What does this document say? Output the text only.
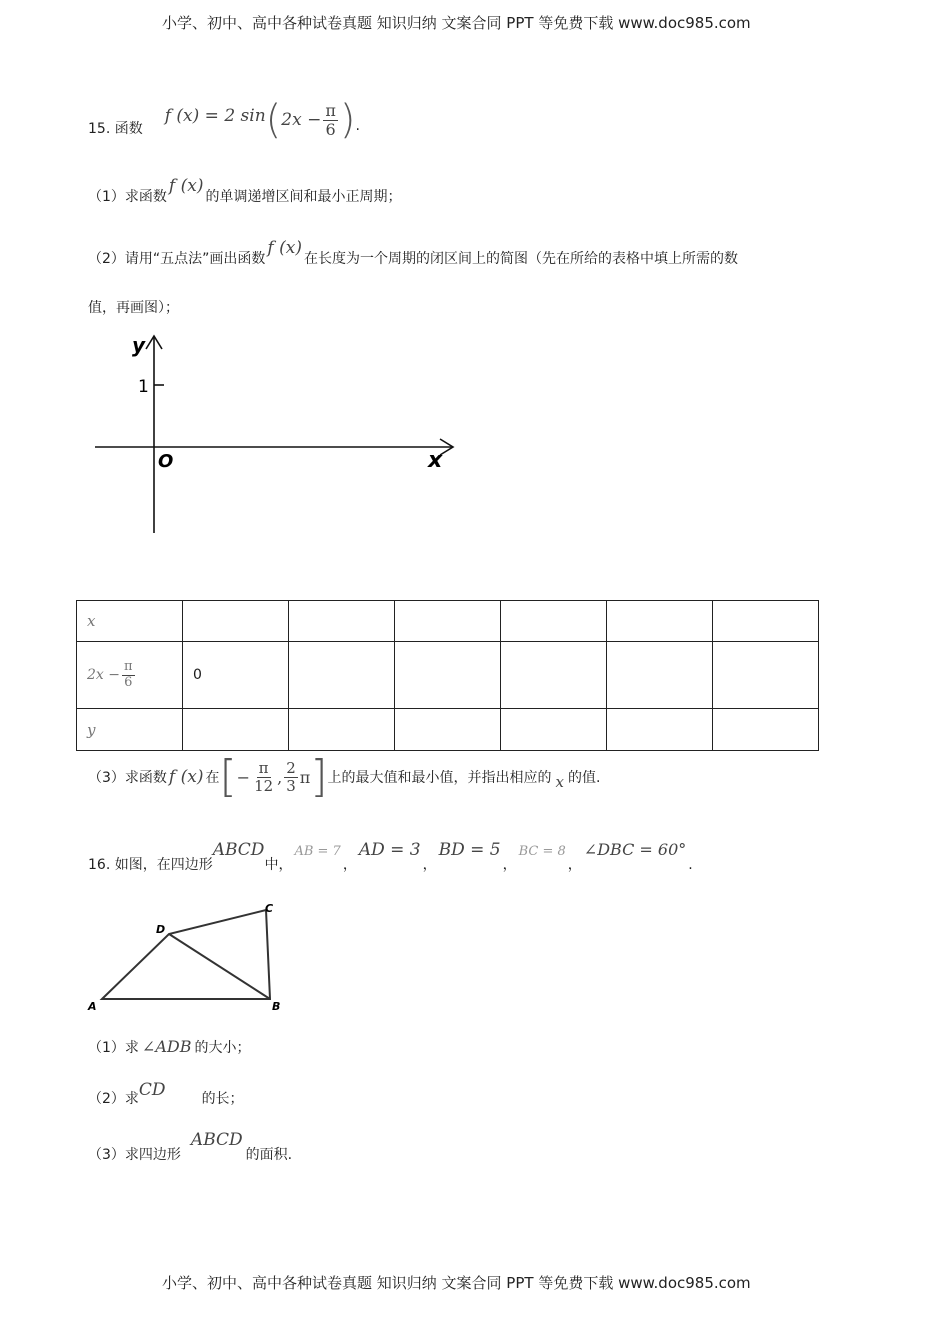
小学、初中、高中各种试卷真题 知识归纳 文案合同 PPT 等免费下载 www.doc985.com
15. 函数
f (x) = 2 sin ( $2x - \frac{\pi}{6}$ ) .
（1）求函数f (x)的单调递增区间和最小正周期；
（2）请用“五点法”画出函数f (x)在长度为一个周期的闭区间上的简图（先在所给的表格中填上所需的数
值，再画图）；
y
1
O	x
x						
$2x - \frac{\pi}{6}$	0					
y						
（3）求函数 f (x) 在 [ − $\frac{\pi}{12}$ , $\frac{2}{3}$ π ] 上的最大值和最小值，并指出相应的 x 的值.
16. 如图，在四边形ABCD中，AB = 7，AD = 3，BD = 5，BC = 8，∠DBC = 60°.
A	B
C
D
（1）求 ∠ADB 的大小；
（2）求CD	的长；
（3）求四边形ABCD的面积.
小学、初中、高中各种试卷真题 知识归纳 文案合同 PPT 等免费下载 www.doc985.com
